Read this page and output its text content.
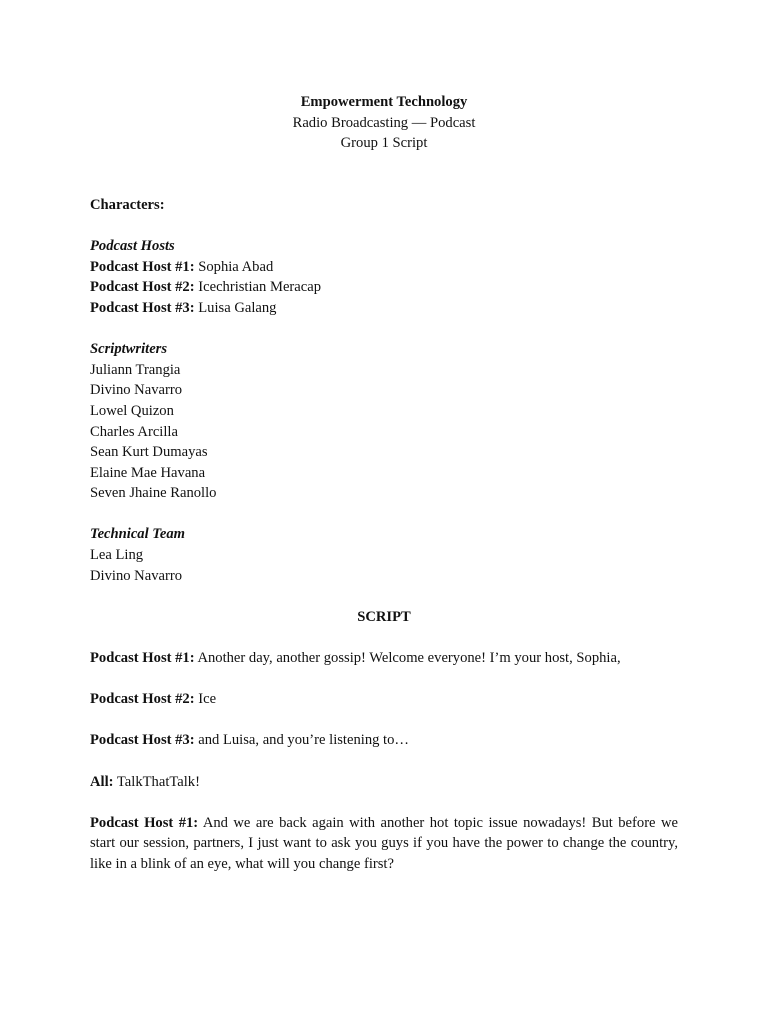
Empowerment Technology

Radio Broadcasting — Podcast

Group 1 Script

Characters:

Podcast Hosts

Podcast Host #1: Sophia Abad

Podcast Host #2: Icechristian Meracap

Podcast Host #3: Luisa Galang

Scriptwriters

Juliann Trangia

Divino Navarro

Lowel Quizon

Charles Arcilla

Sean Kurt Dumayas

Elaine Mae Havana

Seven Jhaine Ranollo

Technical Team

Lea Ling

Divino Navarro

SCRIPT

Podcast Host #1: Another day, another gossip! Welcome everyone! I’m your host, Sophia,

Podcast Host #2: Ice

Podcast Host #3: and Luisa, and you’re listening to…

All: TalkThatTalk!

Podcast Host #1: And we are back again with another hot topic issue nowadays! But before we start our session, partners, I just want to ask you guys if you have the power to change the country, like in a blink of an eye, what will you change first?
